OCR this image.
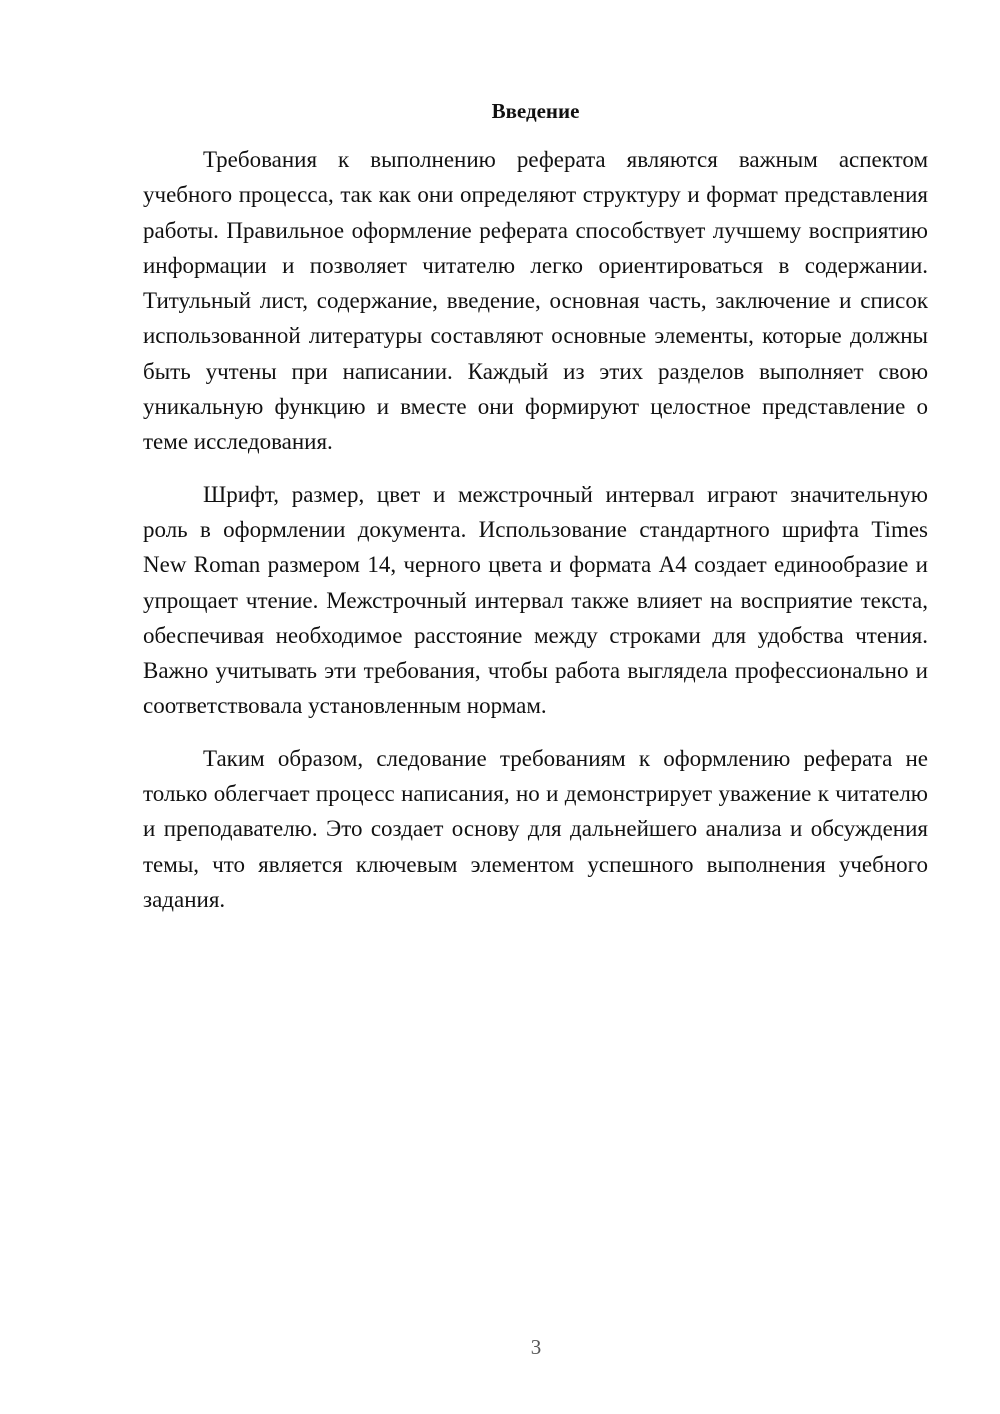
Введение

Требования к выполнению реферата являются важным аспектом учебного процесса, так как они определяют структуру и формат представления работы. Правильное оформление реферата способствует лучшему восприятию информации и позволяет читателю легко ориентироваться в содержании. Титульный лист, содержание, введение, основная часть, заключение и список использованной литературы составляют основные элементы, которые должны быть учтены при написании. Каждый из этих разделов выполняет свою уникальную функцию и вместе они формируют целостное представление о теме исследования.

Шрифт, размер, цвет и межстрочный интервал играют значительную роль в оформлении документа. Использование стандартного шрифта Times New Roman размером 14, черного цвета и формата А4 создает единообразие и упрощает чтение. Межстрочный интервал также влияет на восприятие текста, обеспечивая необходимое расстояние между строками для удобства чтения. Важно учитывать эти требования, чтобы работа выглядела профессионально и соответствовала установленным нормам.

Таким образом, следование требованиям к оформлению реферата не только облегчает процесс написания, но и демонстрирует уважение к читателю и преподавателю. Это создает основу для дальнейшего анализа и обсуждения темы, что является ключевым элементом успешного выполнения учебного задания.

3
